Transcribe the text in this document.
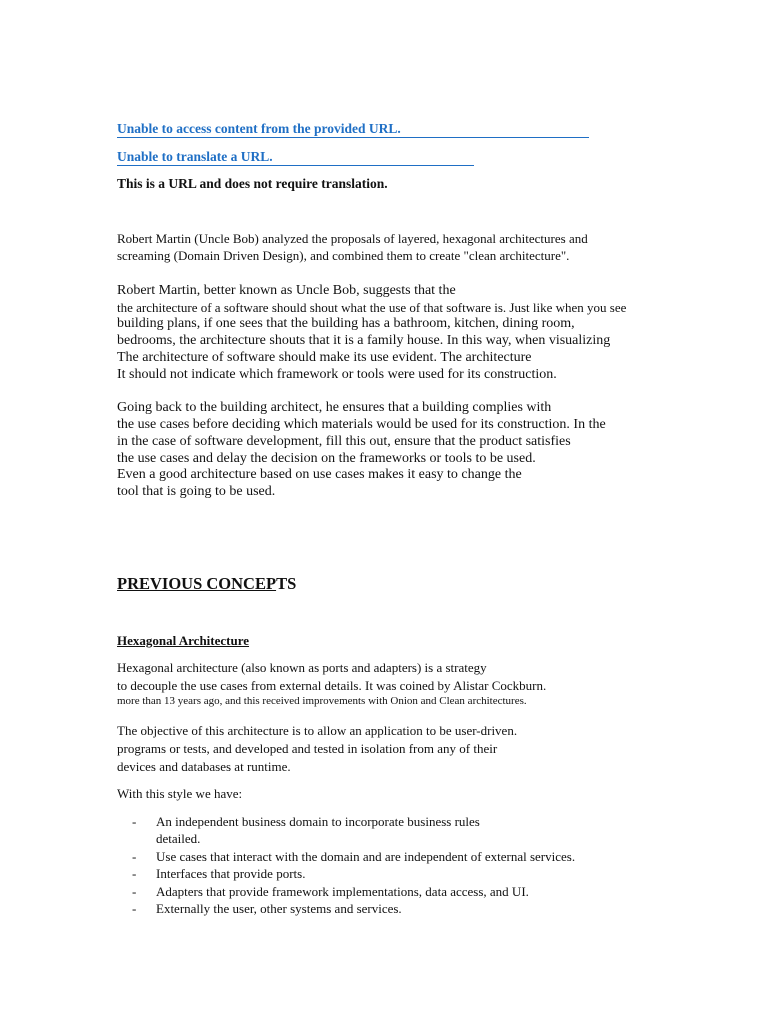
Unable to access content from the provided URL.
Unable to translate a URL.
This is a URL and does not require translation.
Robert Martin (Uncle Bob) analyzed the proposals of layered, hexagonal architectures and
screaming (Domain Driven Design), and combined them to create "clean architecture".
Robert Martin, better known as Uncle Bob, suggests that the
the architecture of a software should shout what the use of that software is. Just like when you see
building plans, if one sees that the building has a bathroom, kitchen, dining room,
bedrooms, the architecture shouts that it is a family house. In this way, when visualizing
The architecture of software should make its use evident. The architecture
It should not indicate which framework or tools were used for its construction.
Going back to the building architect, he ensures that a building complies with
the use cases before deciding which materials would be used for its construction. In the
in the case of software development, fill this out, ensure that the product satisfies
the use cases and delay the decision on the frameworks or tools to be used.
Even a good architecture based on use cases makes it easy to change the
tool that is going to be used.
PREVIOUS CONCEPTS
Hexagonal Architecture
Hexagonal architecture (also known as ports and adapters) is a strategy
to decouple the use cases from external details. It was coined by Alistar Cockburn.
more than 13 years ago, and this received improvements with Onion and Clean architectures.
The objective of this architecture is to allow an application to be user-driven.
programs or tests, and developed and tested in isolation from any of their
devices and databases at runtime.
With this style we have:
- An independent business domain to incorporate business rules
detailed.
- Use cases that interact with the domain and are independent of external services.
- Interfaces that provide ports.
- Adapters that provide framework implementations, data access, and UI.
- Externally the user, other systems and services.
